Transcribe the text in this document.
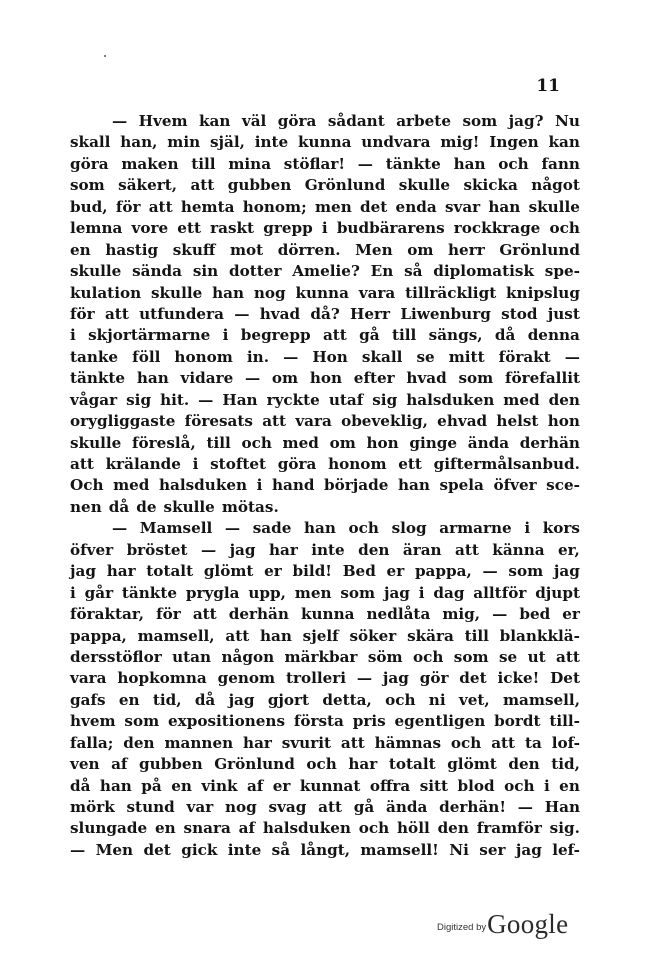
11
— Hvem kan väl göra sådant arbete som jag? Nu
skall han, min själ, inte kunna undvara mig! Ingen kan
göra maken till mina stöflar! — tänkte han och fann
som säkert, att gubben Grönlund skulle skicka något
bud, för att hemta honom; men det enda svar han skulle
lemna vore ett raskt grepp i budbärarens rockkrage och
en hastig skuff mot dörren. Men om herr Grönlund
skulle sända sin dotter Amelie? En så diplomatisk spe-
kulation skulle han nog kunna vara tillräckligt knipslug
för att utfundera — hvad då? Herr Liwenburg stod just
i skjortärmarne i begrepp att gå till sängs, då denna
tanke föll honom in. — Hon skall se mitt förakt —
tänkte han vidare — om hon efter hvad som förefallit
vågar sig hit. — Han ryckte utaf sig halsduken med den
orygliggaste föresats att vara obeveklig, ehvad helst hon
skulle föreslå, till och med om hon ginge ända derhän
att krälande i stoftet göra honom ett giftermålsanbud.
Och med halsduken i hand började han spela öfver sce-
nen då de skulle mötas.
— Mamsell — sade han och slog armarne i kors
öfver bröstet — jag har inte den äran att känna er,
jag har totalt glömt er bild! Bed er pappa, — som jag
i går tänkte prygla upp, men som jag i dag alltför djupt
föraktar, för att derhän kunna nedlåta mig, — bed er
pappa, mamsell, att han sjelf söker skära till blankklä-
dersstöflor utan någon märkbar söm och som se ut att
vara hopkomna genom trolleri — jag gör det icke! Det
gafs en tid, då jag gjort detta, och ni vet, mamsell,
hvem som expositionens första pris egentligen bordt till-
falla; den mannen har svurit att hämnas och att ta lof-
ven af gubben Grönlund och har totalt glömt den tid,
då han på en vink af er kunnat offra sitt blod och i en
mörk stund var nog svag att gå ända derhän! — Han
slungade en snara af halsduken och höll den framför sig.
— Men det gick inte så långt, mamsell! Ni ser jag lef-
Digitized by Google
